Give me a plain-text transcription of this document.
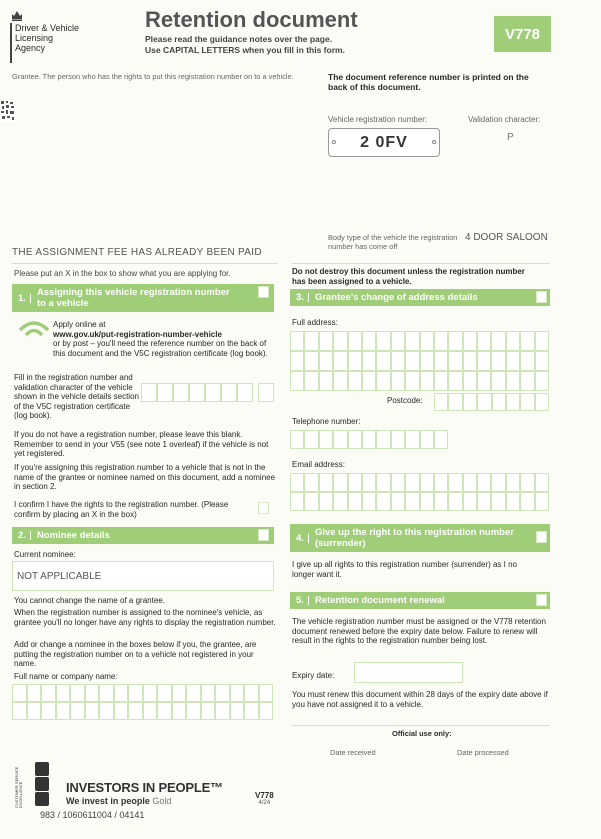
Driver & Vehicle
Licensing
Agency
Retention document
Please read the guidance notes over the page.
Use CAPITAL LETTERS when you fill in this form.
V778
Grantee. The person who has the rights to put this registration number on to a vehicle.	The document reference number is printed on the back of this document.
Vehicle registration number:	Validation character:
2 0FV	P
Body type of the vehicle the registration number has come off
4 DOOR SALOON
THE ASSIGNMENT FEE HAS ALREADY BEEN PAID
Please put an X in the box to show what you are applying for.	Do not destroy this document unless the registration number has been assigned to a vehicle.
1. Assigning this vehicle registration number to a vehicle
Apply online at
www.gov.uk/put-registration-number-vehicle
or by post – you'll need the reference number on the back of this document and the V5C registration certificate (log book).
Fill in the registration number and validation character of the vehicle shown in the vehicle details section of the V5C registration certificate (log book).
If you do not have a registration number, please leave this blank. Remember to send in your V55 (see note 1 overleaf) if the vehicle is not yet registered.
If you're assigning this registration number to a vehicle that is not in the name of the grantee or nominee named on this document, add a nominee in section 2.
I confirm I have the rights to the registration number. (Please confirm by placing an X in the box)
2. Nominee details
Current nominee:
NOT APPLICABLE
You cannot change the name of a grantee.
When the registration number is assigned to the nominee's vehicle, as grantee you'll no longer have any rights to display the registration number.
Add or change a nominee in the boxes below if you, the grantee, are putting the registration number on to a vehicle not registered in your name.
Full name or company name:
3. Grantee's change of address details
Full address:
Postcode:
Telephone number:
Email address:
4. Give up the right to this registration number (surrender)
I give up all rights to this registration number (surrender) as I no longer want it.
5. Retention document renewal
The vehicle registration number must be assigned or the V778 retention document renewed before the expiry date below. Failure to renew will result in the rights to the registration number being lost.
Expiry date:
You must renew this document within 28 days of the expiry date above if you have not assigned it to a vehicle.
Official use only:
Date received	Date processed
CUSTOMER SERVICE EXCELLENCE	INVESTORS IN PEOPLE™
We invest in people Gold
V778
4/24
983 / 1060611004 / 04141
